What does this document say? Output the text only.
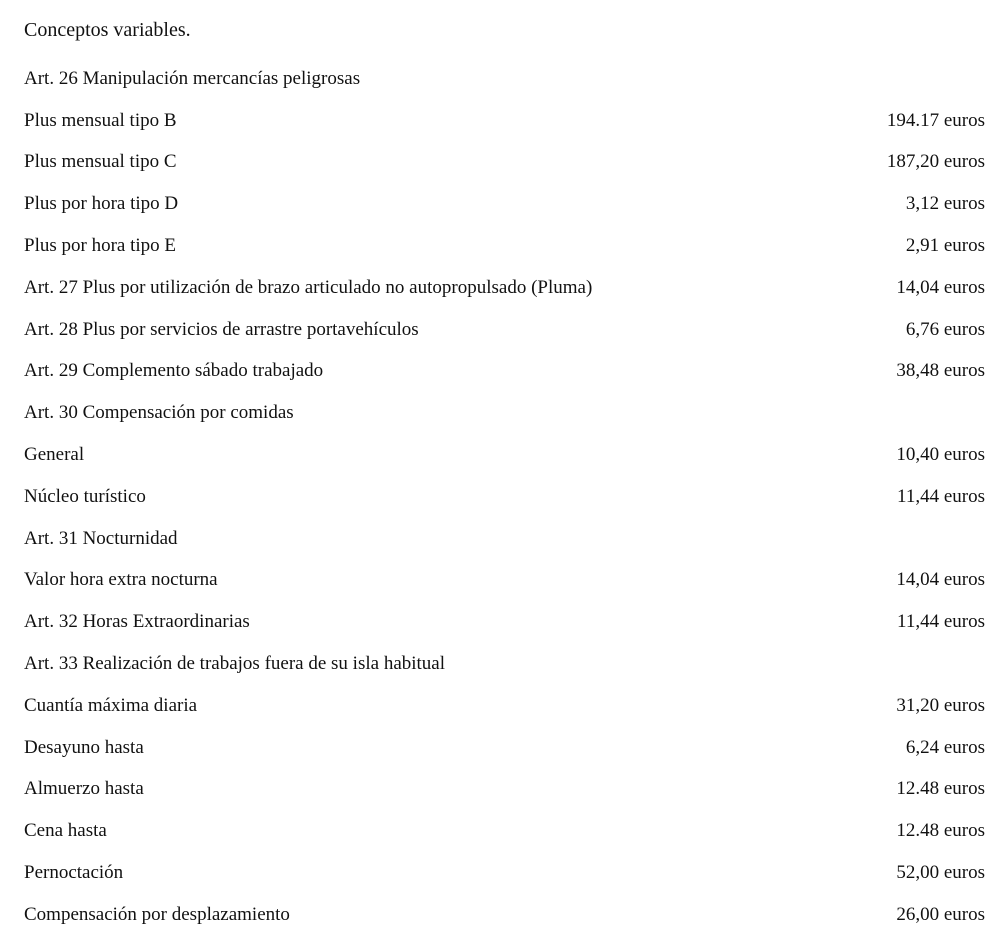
Conceptos variables.
Art. 26 Manipulación mercancías peligrosas
Plus mensual tipo B	194.17 euros
Plus mensual tipo C	187,20 euros
Plus por hora tipo D	3,12 euros
Plus por hora tipo E	2,91 euros
Art. 27 Plus por utilización de brazo articulado no autopropulsado (Pluma)	14,04 euros
Art. 28 Plus por servicios de arrastre portavehículos	6,76 euros
Art. 29 Complemento sábado trabajado	38,48 euros
Art. 30 Compensación por comidas
General	10,40 euros
Núcleo turístico	11,44 euros
Art. 31 Nocturnidad
Valor hora extra nocturna	14,04 euros
Art. 32 Horas Extraordinarias	11,44 euros
Art. 33 Realización de trabajos fuera de su isla habitual
Cuantía máxima diaria	31,20 euros
Desayuno hasta	6,24 euros
Almuerzo hasta	12.48 euros
Cena hasta	12.48 euros
Pernoctación	52,00 euros
Compensación por desplazamiento	26,00 euros
